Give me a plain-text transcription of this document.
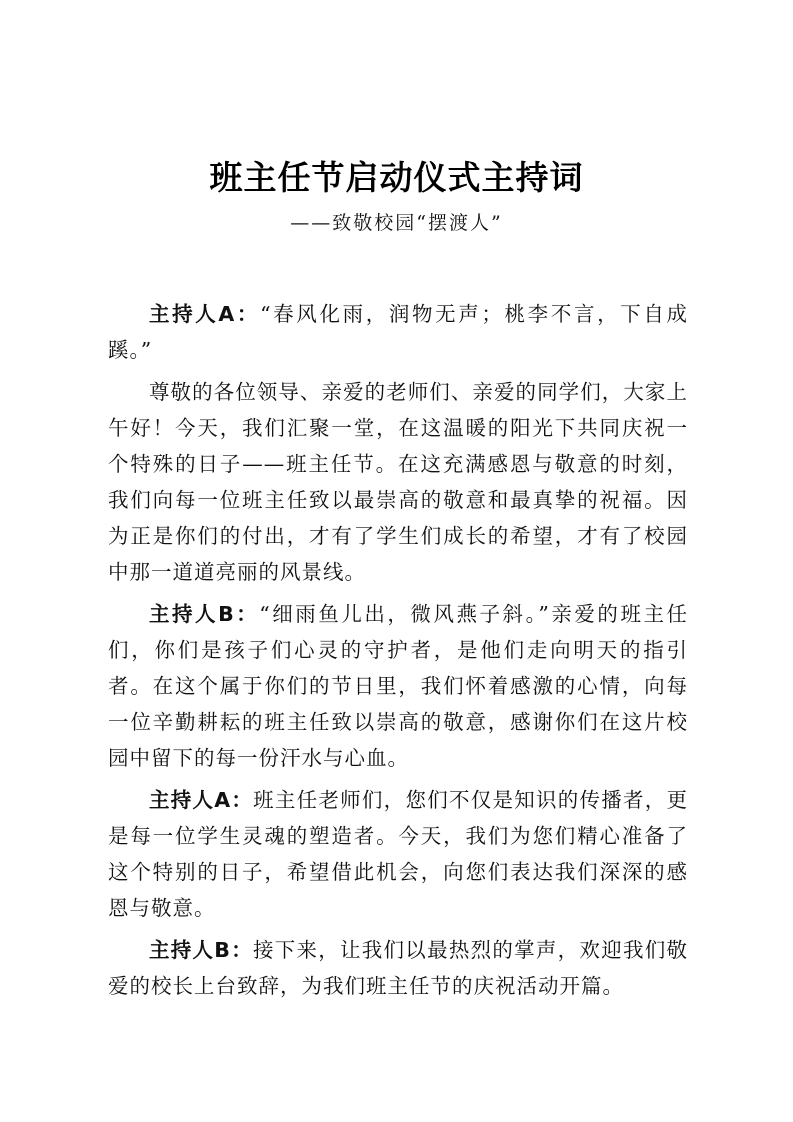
班主任节启动仪式主持词
——致敬校园“摆渡人”

主持人A：“春风化雨，润物无声；桃李不言，下自成蹊。”

尊敬的各位领导、亲爱的老师们、亲爱的同学们，大家上午好！今天，我们汇聚一堂，在这温暖的阳光下共同庆祝一个特殊的日子——班主任节。在这充满感恩与敬意的时刻，我们向每一位班主任致以最崇高的敬意和最真挚的祝福。因为正是你们的付出，才有了学生们成长的希望，才有了校园中那一道道亮丽的风景线。

主持人B：“细雨鱼儿出，微风燕子斜。”亲爱的班主任们，你们是孩子们心灵的守护者，是他们走向明天的指引者。在这个属于你们的节日里，我们怀着感激的心情，向每一位辛勤耕耘的班主任致以崇高的敬意，感谢你们在这片校园中留下的每一份汗水与心血。

主持人A：班主任老师们，您们不仅是知识的传播者，更是每一位学生灵魂的塑造者。今天，我们为您们精心准备了这个特别的日子，希望借此机会，向您们表达我们深深的感恩与敬意。

主持人B：接下来，让我们以最热烈的掌声，欢迎我们敬爱的校长上台致辞，为我们班主任节的庆祝活动开篇。
